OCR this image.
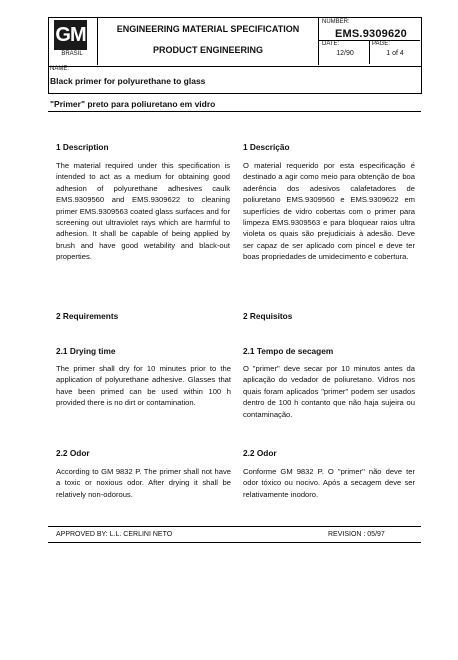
GM
BRASIL
ENGINEERING MATERIAL SPECIFICATION
PRODUCT ENGINEERING
NUMBER:
EMS.9309620
DATE:
12/90
PAGE:
1 of 4
NAME:
Black primer for polyurethane to glass
"Primer" preto para poliuretano em vidro
1 Description
The material required under this specification is intended to act as a medium for obtaining good adhesion of polyurethane adhesives caulk EMS.9309560 and EMS.9309622 to cleaning primer EMS.9309563 coated glass surfaces and for screening out ultraviolet rays which are harmful to adhesion. It shall be capable of being applied by brush and have good wetability and black-out properties.
2 Requirements
2.1 Drying time
The primer shall dry for 10 minutes prior to the application of polyurethane adhesive. Glasses that have been primed can be used within 100 h provided there is no dirt or contamination.
2.2 Odor
According to GM 9832 P. The primer shall not have a toxic or noxious odor. After drying it shall be relatively non-odorous.
1 Descrição
O material requerido por esta especificação é destinado a agir como meio para obtenção de boa aderência dos adesivos calafetadores de poliuretano EMS.9309560 e EMS.9309622 em superfícies de vidro cobertas com o primer para limpeza EMS.9309563 e para bloquear raios ultra violeta os quais são prejudiciais à adesão. Deve ser capaz de ser aplicado com pincel e deve ter boas propriedades de umidecimento e cobertura.
2 Requisitos
2.1 Tempo de secagem
O "primer" deve secar por 10 minutos antes da aplicação do vedador de poliuretano. Vidros nos quais foram aplicados "primer" podem ser usados dentro de 100 h contanto que não haja sujeira ou contaminação.
2.2 Odor
Conforme GM 9832 P. O "primer" não deve ter odor tóxico ou nocivo. Após a secagem deve ser relativamente inodoro.
APPROVED BY: L.L. CERLINI NETO	REVISION : 05/97
